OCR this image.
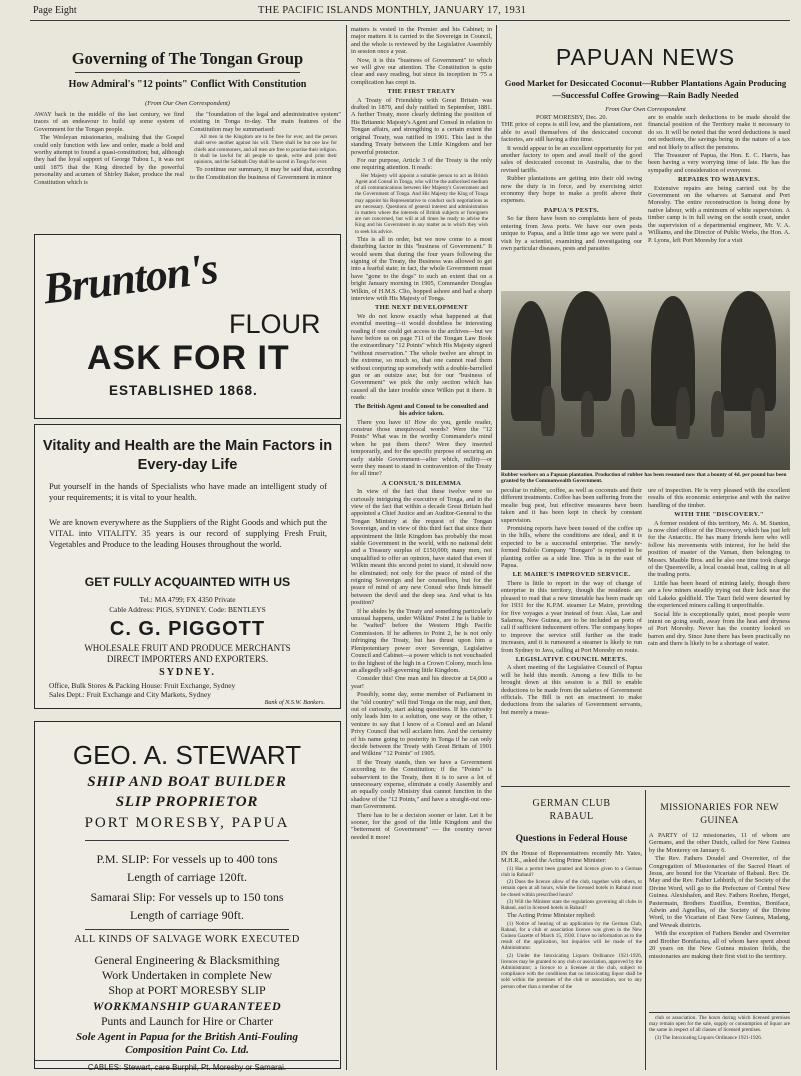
Page Eight	THE PACIFIC ISLANDS MONTHLY, JANUARY 17, 1931
Governing of The Tongan Group
How Admiral's "12 points" Conflict With Constitution
(From Our Own Correspondent)

AWAY back in the middle of the last century, we find traces of an endeavour to build up some system of Government for the Tongan people.

The Wesleyan missionaries, realising that the Gospel could only function with law and order, made a bold and worthy attempt to found a quasi-constitution; but, although they had the loyal support of George Tubou I., it was not until 1875 that the King directed by the powerful personality and acumen of Shirley Baker, produce the real Constitution which is

the "foundation of the legal and administrative system" existing in Tonga to-day. The main features of the Constitution may be summarised:

All men in the Kingdom are to be free for ever, and the person shall serve another against his will. There shall be but one law for chiefs and commoners, and all men are free to practise their religion. It shall be lawful for all people to speak, write and print their opinions, and the Sabbath Day shall be sacred in Tonga for ever.

To continue our summary, it may be said that, according to the Constitution the business of Government in minor

Brunton's
FLOUR
ASK FOR IT
ESTABLISHED 1868.
Vitality and Health are the Main Factors in Every-day Life
Put yourself in the hands of Specialists who have made an intelligent study of your requirements; it is vital to your health.
We are known everywhere as the Suppliers of the Right Goods and which put the VITAL into VITALITY. 35 years is our record of supplying Fresh Fruit, Vegetables and Produce to the leading Houses throughout the world.
GET FULLY ACQUAINTED WITH US
Tel.: MA 4799; FX 4350 Private
Cable Address: PIGS, SYDNEY. Code: BENTLEYS
C. G. PIGGOTT
WHOLESALE FRUIT AND PRODUCE MERCHANTS
DIRECT IMPORTERS AND EXPORTERS.
SYDNEY.
Office, Bulk Stores & Packing House: Fruit Exchange, Sydney
Sales Dept.: Fruit Exchange and City Markets, Sydney
Bank of N.S.W. Bankers.
GEO. A. STEWART
SHIP AND BOAT BUILDER
SLIP PROPRIETOR
PORT MORESBY, PAPUA
P.M. SLIP: For vessels up to 400 tons
Length of carriage 120ft.
Samarai Slip: For vessels up to 150 tons
Length of carriage 90ft.
ALL KINDS OF SALVAGE WORK EXECUTED
General Engineering & Blacksmithing
Work Undertaken in complete New
Shop at PORT MORESBY SLIP
WORKMANSHIP GUARANTEED
Punts and Launch for Hire or Charter
Sole Agent in Papua for the British Anti-Fouling
Composition Paint Co. Ltd.
CABLES: Stewart, care Burphil, Pt. Moresby or Samarai.

matters is vested in the Premier and his Cabinet; in major matters it is carried to the Sovereign in Council, and the whole is reviewed by the Legislative Assembly in session once a year.

Now, it is this "business of Government" to which we will give our attention. The Constitution is quite clear and easy reading, but since its inception in '75 a complication has crept in.

THE FIRST TREATY

A Treaty of Friendship with Great Britain was drafted in 1879, and duly ratified in September, 1881. A further Treaty, more clearly defining the position of His Britannic Majesty's Agent and Consul in relation to Tongan affairs, and strengthing to a certain extent the original Treaty, was ratified in 1901. This last is the standing Treaty between the Little Kingdom and her powerful protector.

For our purpose, Article 3 of the Treaty is the only one requiring attention. It reads:

Her Majesty will appoint a suitable person to act as British Agent and Consul in Tonga, who will be the authorised medium of all communications between Her Majesty's Government and the Government of Tonga. And His Majesty the King of Tonga may appoint his Representative to conduct such negotiations as are necessary. Questions of general interest and administration in matters where the interests of British subjects or foreigners are not concerned, but will at all times be ready to advise the King and his Government in any matter as to which they wish to seek his advice.

This is all in order, but we now come to a most disturbing factor in this "business of Government." It would seem that during the four years following the signing of the Treaty, the Business was allowed to get into a fearful state; in fact, the whole Government must have "gone to the dogs" to such an extent that on a bright January morning in 1905, Commander Douglas Wilkin, of H.M.S. Clio, hopped ashore and had a sharp interview with His Majesty of Tonga.

THE NEXT DEVELOPMENT

We do not know exactly what happened at that eventful meeting—it would doubtless be interesting reading if one could get access to the archives—but we have before us on page 711 of the Tongan Law Book the extraordinary "12 Points" which His Majesty signed "without reservation." The whole twelve are abrupt in the extreme, so much so, that one cannot read them without conjuring up somebody with a double-barrelled gun or an outsize axe; but for our "business of Government" we pick the only section which has caused all the later trouble since Wilkin put it there. It reads:

The British Agent and Consul to be consulted and his advice taken.

There you have it! How do you, gentle reader, construe those unequivocal words? Were the "12 Points" What was in the worthy Commander's mind when he put them there? Were they inserted temporarily, and for the specific purpose of securing an early stable Government—after which, nullity—or were they meant to stand in contravention of the Treaty for all time?

A CONSUL'S DILEMMA

In view of the fact that these twelve were so curiously intriguing the executive of Tonga, and in the view of the fact that within a decade Great Britain had appointed a Chief Justice and an Auditor-General to the Tongan Ministry at the request of the Tongan Sovereign, and in view of this third fact that since their appointment the little Kingdom has probably the most stable Government in the world, with no national debt and a Treasury surplus of £150,000; many men, not unqualified to offer an opinion, have stated that even if Wilkin meant this second point to stand, it should now be eliminated; not only for the peace of mind of the reigning Sovereign and her counsellors, but for the peace of mind of any new Consul who finds himself between the devil and the deep sea. And what is his position?

If he abides by the Treaty and something particularly unusual happens, under Wilkins' Point 2 he is liable to be "wafted" before the Western High Pacific Commission. If he adheres to Point 2, he is not only infringing the Treaty, but has thrust upon him a Plenipotentiary power over Sovereign, Legislative Council and Cabinet—a power which is not vouchsafed to the highest of the high in a Crown Colony, much less an allegedly self-governing little Kingdom.

Consider this! One man and his director at £4,000 a year!

Possibly, some day, some member of Parliament in the "old country" will find Tonga on the map, and then, out of curiosity, start asking questions. If his curiosity only leads him to a solution, one way or the other, I venture to say that I know of a Consul and an Island Privy Council that will acclaim him. And the certainty of his name going to posterity in Tonga if he can only decide between the Treaty with Great Britain of 1901 and Wilkins' "12 Points" of 1905.

If the Treaty stands, then we have a Government according to the Constitution; if the "Points" is subservient to the Treaty, then it is to save a lot of unnecessary expense, eliminate a costly Assembly and an equally costly Ministry that cannot function in the shadow of the "12 Points," and have a straight-out one-man Government.

There has to be a decision sooner or later. Let it be sooner, for the good of the little Kingdom and the "betterment of Government" — the country never needed it more!

PAPUAN NEWS
Good Market for Desiccated Coconut—Rubber Plantations Again Producing—Successful Coffee Growing—Rain Badly Needed
From Our Own Correspondent
PORT MORESBY, Dec. 20.

THE price of copra is still low, and the plantations, not able to avail themselves of the desiccated coconut factories, are still having a thin time.

It would appear to be an excellent opportunity for yet another factory to open and avail itself of the good sales of desiccated coconut in Australia, due to the revised tariffs.

Rubber plantations are getting into their old swing now the duty is in force, and by exercising strict economy they hope to make a profit above their expenses.

PAPUA'S PESTS.

So far there have been no complaints here of pests entering from Java ports. We have our own pests unique to Papua, and a little time ago we were paid a visit by a scientist, examining and investigating our own particular diseases, pests and parasites

are to enable such deductions to be made should the financial position of the Territory make it necessary to do so. It will be noted that the word deductions is used not reductions, the savings being in the nature of a tax and not likely to affect the pensions.

The Treasurer of Papua, the Hon. E. C. Harris, has been having a very worrying time of late. He has the sympathy and consideration of everyone.

REPAIRS TO WHARVES.

Extensive repairs are being carried out by the Government on the wharves at Samarai and Port Moresby. The entire reconstruction is being done by native labour, with a minimum of white supervision. A timber camp is in full swing on the south coast, under the supervision of a departmental engineer, Mr. V. A. Williams, and the Director of Public Works, the Hon. A. P. Lyons, left Port Moresby for a visit

Rubber workers on a Papuan plantation. Production of rubber has been resumed now that a bounty of 4d. per pound has been granted by the Commonwealth Government.

peculiar to rubber, coffee, as well as coconuts and their different treatments. Coffee has been suffering from the mealie bug pest, but effective measures have been taken and it has been kept in check by constant supervision.

Promising reports have been issued of the coffee up in the hills, where the conditions are ideal, and it is expected to be a successful enterprise. The newly-formed Bulolo Company "Bongaro" is reported to be planting coffee as a side line. This is in the east of Papua.

LE MAIRE'S IMPROVED SERVICE.

There is little to report in the way of change of enterprise in this territory, though the residents are pleased to read that a new timetable has been made up for 1931 for the K.P.M. steamer Le Maire, providing for five voyages a year instead of four. Alas, Lae and Salamoa, New Guinea, are to be included as ports of call if sufficient inducement offers. The company hopes to improve the service still further as the trade increases, and it is rumoured a steamer is likely to run from Sydney to Java, calling at Port Moresby en route.

LEGISLATIVE COUNCIL MEETS.

A short meeting of the Legislative Council of Papua will be held this month. Among a few Bills to be brought down at this session is a Bill to enable deductions to be made from the salaries of Government officials. The Bill is not an enactment to make deductions from the salaries of Government servants, but merely a meas-

ure of inspection. He is very pleased with the excellent results of this economic enterprise and with the native handling of the timber.

WITH THE "DISCOVERY."

A former resident of this territory, Mr. A. M. Stanton, is now chief officer of the Discovery, which has just left for the Antarctic. He has many friends here who will follow his movements with interest, for he held the position of master of the Vaman, then belonging to Messrs. Mauble Bros. and he also one time took charge of the Queensville, a local coastal boat, calling in at all the trading ports.

Little has been heard of mining lately, though there are a few miners steadily trying out their luck near the old Lakeks goldfield. The Tauri field were deserted by the experienced miners calling it unprofitable.

Social life is exceptionally quiet, most people were intent on going south, away from the heat and dryness of Port Moresby. Never has the country looked so barren and dry. Since June there has been practically no rain and there is likely to be a shortage of water.

GERMAN CLUB
RABAUL
Questions in Federal House

IN the House of Representatives recently Mr. Yates, M.H.R., asked the Acting Prime Minister:

(1) Has a permit been granted and licence given to a German club in Rabaul?

(2) Does the licence allow of the club, together with others, to remain open at all hours, while the licensed hotels in Rabaul must be closed within prescribed hours?

(3) Will the Minister state the regulations governing all clubs in Rabaul, and in licensed hotels in Rabaul?

The Acting Prime Minister replied:

(1) Notice of hearing of an application by the German Club, Rabaul, for a club or association licence was given in the New Guinea Gazette of March 15, 1930. I have no information as to the result of the application, but inquiries will be made of the Administrator.

(2) Under the Intoxicating Liquors Ordinance 1921-1926, licences may be granted to any club or association, approved by the Administrator; a licence to a licensee at the club, subject to compliance with the conditions that no intoxicating liquor shall be sold within the premises of the club or association, nor to any person other than a member of the

MISSIONARIES FOR NEW
GUINEA

A PARTY of 12 missionaries, 11 of whom are Germans, and the other Dutch, called for New Guinea by the Monterey on January 6.

The Rev. Fathers Doudel and Overreiter, of the Congregation of Missionaries of the Sacred Heart of Jesus, are bound for the Vicariate of Rabaul. Rev. Dr. May and the Rev. Father Lehbirth, of the Society of the Divine Word, will go to the Prefecture of Central New Guinea. Alexishafen, and Rev. Fathers Roehm, Herget, Pastermain, Brothers Eustillus, Eventius, Boniface, Adwin and Agnellus, of the Society of the Divine Word, to the Vicariate of East New Guinea, Madang, and Wewak districts.

With the exception of Fathers Bender and Overreiter and Brother Bonifacius, all of whom have spent about 20 years on the New Guinea mission fields, the missionaries are making their first visit to the territory.

club or association. The hours during which licensed premises may remain open for the sale, supply or consumption of liquor are the same in respect of all classes of licensed premises.

(3) The Intoxicating Liquors Ordinance 1921-1926.
